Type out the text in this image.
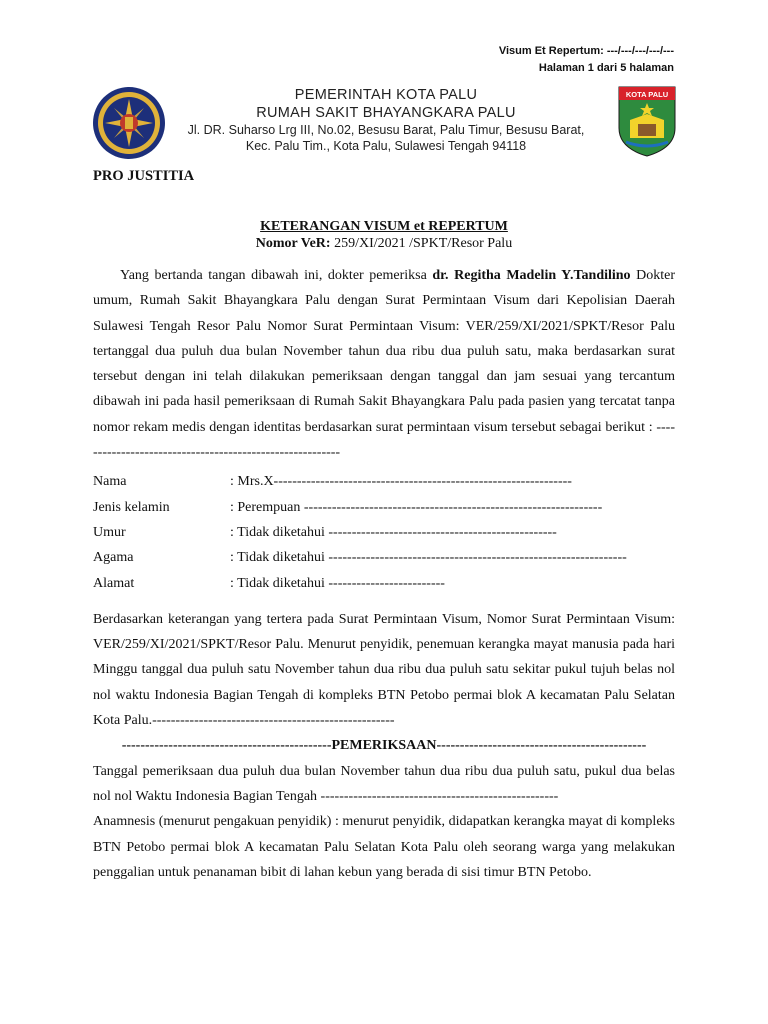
Visum Et Repertum: ---/---/---/---/---
Halaman 1 dari 5 halaman
PEMERINTAH KOTA PALU
RUMAH SAKIT BHAYANGKARA PALU
Jl. DR. Suharso Lrg III, No.02, Besusu Barat, Palu Timur, Besusu Barat,
Kec. Palu Tim., Kota Palu, Sulawesi Tengah 94118
KOTA PALU
PRO JUSTITIA
KETERANGAN VISUM et REPERTUM
Nomor VeR: 259/XI/2021 /SPKT/Resor Palu

Yang bertanda tangan dibawah ini, dokter pemeriksa dr. Regitha Madelin Y.Tandilino Dokter umum, Rumah Sakit Bhayangkara Palu dengan Surat Permintaan Visum dari Kepolisian Daerah Sulawesi Tengah Resor Palu Nomor Surat Permintaan Visum: VER/259/XI/2021/SPKT/Resor Palu tertanggal dua puluh dua bulan November tahun dua ribu dua puluh satu, maka berdasarkan surat tersebut dengan ini telah dilakukan pemeriksaan dengan tanggal dan jam sesuai yang tercantum dibawah ini pada hasil pemeriksaan di Rumah Sakit Bhayangkara Palu pada pasien yang tercatat tanpa nomor rekam medis dengan identitas berdasarkan surat permintaan visum tersebut sebagai berikut : ---------------------------------------------------------

Nama	: Mrs.X----------------------------------------------------------------
Jenis kelamin	: Perempuan ----------------------------------------------------------------
Umur	: Tidak diketahui -------------------------------------------------
Agama	: Tidak diketahui ----------------------------------------------------------------
Alamat	: Tidak diketahui -------------------------

Berdasarkan keterangan yang tertera pada Surat Permintaan Visum, Nomor Surat Permintaan Visum: VER/259/XI/2021/SPKT/Resor Palu. Menurut penyidik, penemuan kerangka mayat manusia pada hari Minggu tanggal dua puluh satu November tahun dua ribu dua puluh satu sekitar pukul tujuh belas nol nol waktu Indonesia Bagian Tengah di kompleks BTN Petobo permai blok A kecamatan Palu Selatan Kota Palu.----------------------------------------------------

---------------------------------------------PEMERIKSAAN---------------------------------------------

Tanggal pemeriksaan dua puluh dua bulan November tahun dua ribu dua puluh satu, pukul dua belas nol nol Waktu Indonesia Bagian Tengah ---------------------------------------------------

Anamnesis (menurut pengakuan penyidik) : menurut penyidik, didapatkan kerangka mayat di kompleks BTN Petobo permai blok A kecamatan Palu Selatan Kota Palu oleh seorang warga yang melakukan penggalian untuk penanaman bibit di lahan kebun yang berada di sisi timur BTN Petobo.
